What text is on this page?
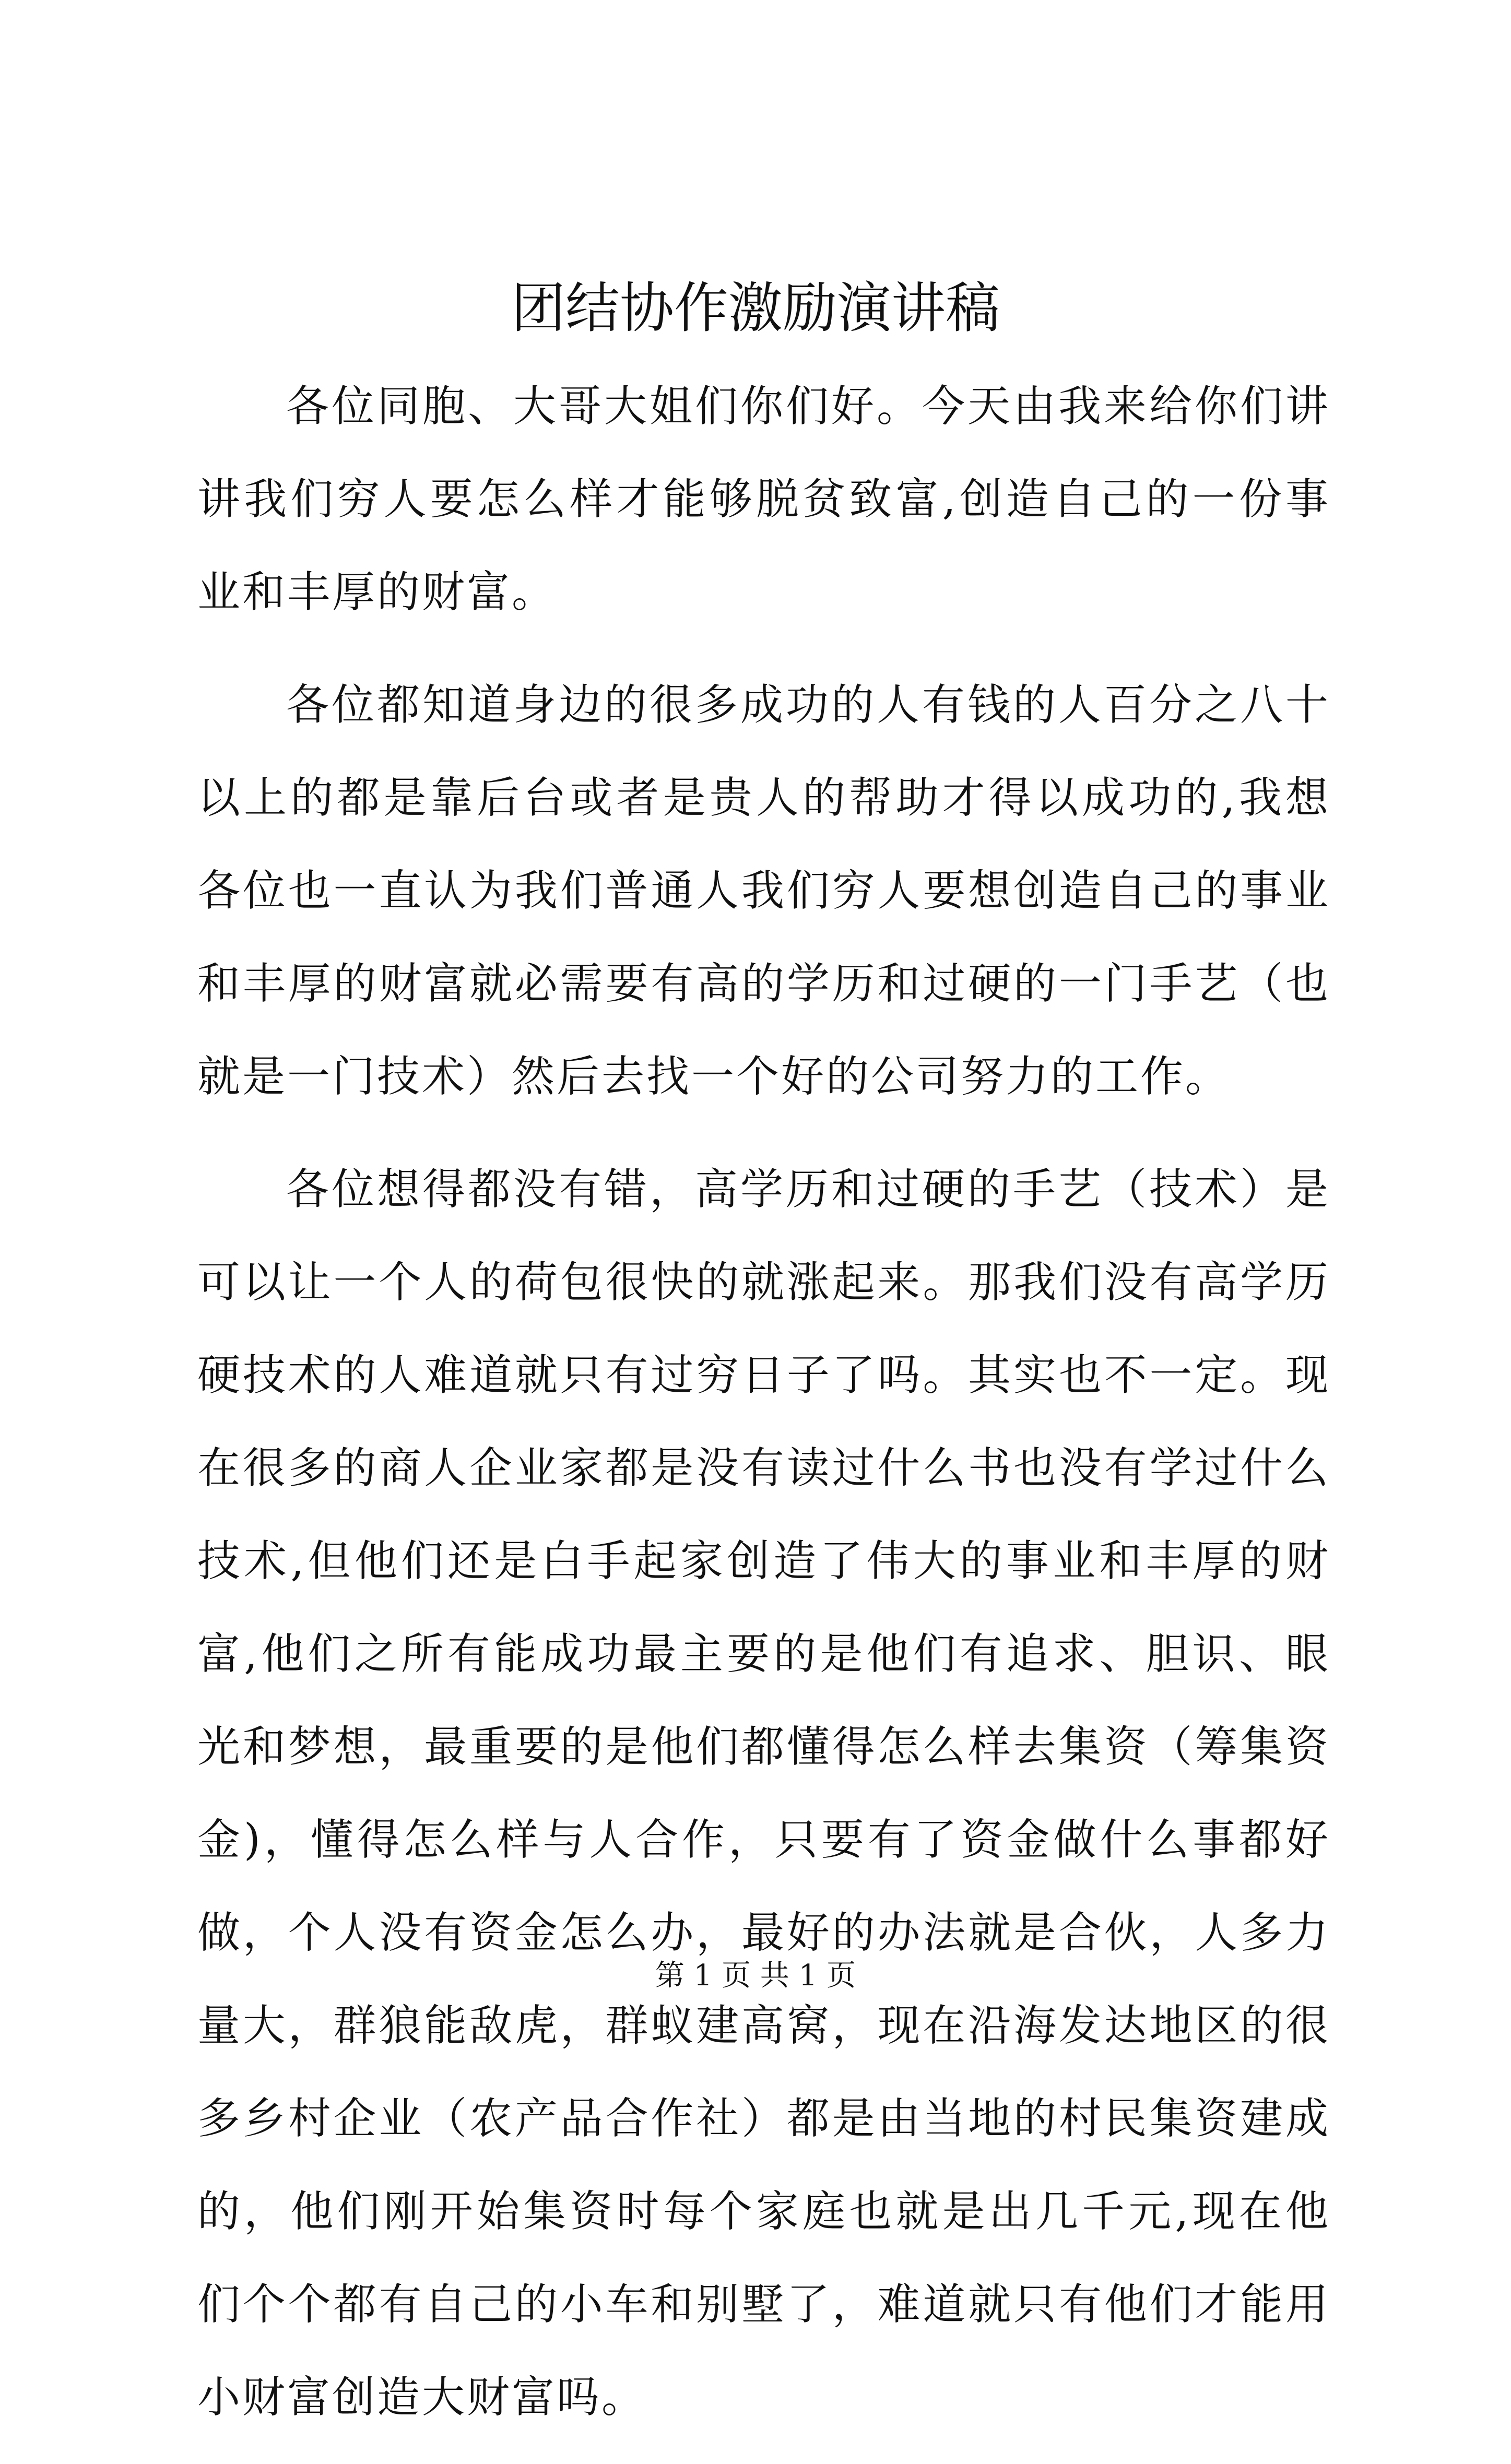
团结协作激励演讲稿

各位同胞、大哥大姐们你们好。今天由我来给你们讲讲我们穷人要怎么样才能够脱贫致富,创造自己的一份事业和丰厚的财富。

各位都知道身边的很多成功的人有钱的人百分之八十以上的都是靠后台或者是贵人的帮助才得以成功的,我想各位也一直认为我们普通人我们穷人要想创造自己的事业和丰厚的财富就必需要有高的学历和过硬的一门手艺（也就是一门技术）然后去找一个好的公司努力的工作。

各位想得都没有错，高学历和过硬的手艺（技术）是可以让一个人的荷包很快的就涨起来。那我们没有高学历硬技术的人难道就只有过穷日子了吗。其实也不一定。现在很多的商人企业家都是没有读过什么书也没有学过什么技术,但他们还是白手起家创造了伟大的事业和丰厚的财富,他们之所有能成功最主要的是他们有追求、胆识、眼光和梦想，最重要的是他们都懂得怎么样去集资（筹集资金)，懂得怎么样与人合作，只要有了资金做什么事都好做，个人没有资金怎么办，最好的办法就是合伙，人多力量大，群狼能敌虎，群蚁建高窝，现在沿海发达地区的很多乡村企业（农产品合作社）都是由当地的村民集资建成的，他们刚开始集资时每个家庭也就是出几千元,现在他们个个都有自己的小车和别墅了，难道就只有他们才能用小财富创造大财富吗。

第 1 页 共 1 页
